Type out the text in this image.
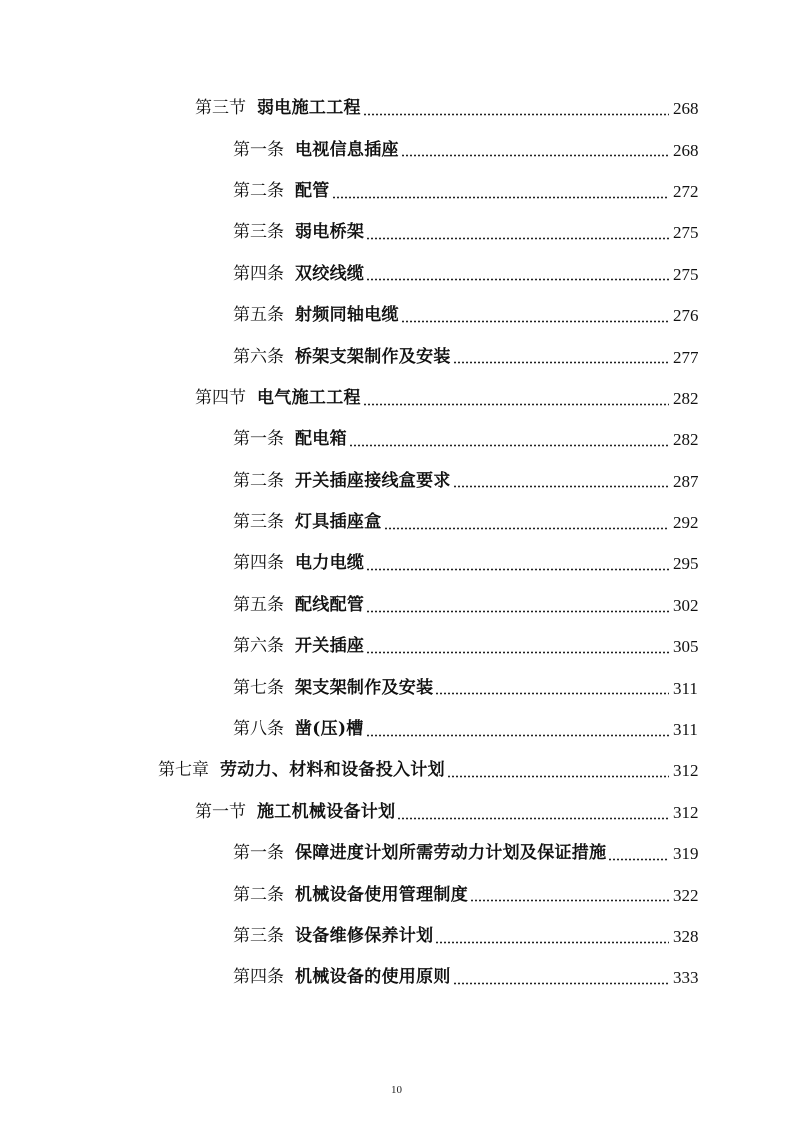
第三节 弱电施工工程	268
第一条 电视信息插座	268
第二条 配管	272
第三条 弱电桥架	275
第四条 双绞线缆	275
第五条 射频同轴电缆	276
第六条 桥架支架制作及安装	277
第四节 电气施工工程	282
第一条 配电箱	282
第二条 开关插座接线盒要求	287
第三条 灯具插座盒	292
第四条 电力电缆	295
第五条 配线配管	302
第六条 开关插座	305
第七条 架支架制作及安装	311
第八条 凿(压)槽	311
第七章 劳动力、材料和设备投入计划	312
第一节 施工机械设备计划	312
第一条 保障进度计划所需劳动力计划及保证措施	319
第二条 机械设备使用管理制度	322
第三条 设备维修保养计划	328
第四条 机械设备的使用原则	333
10
